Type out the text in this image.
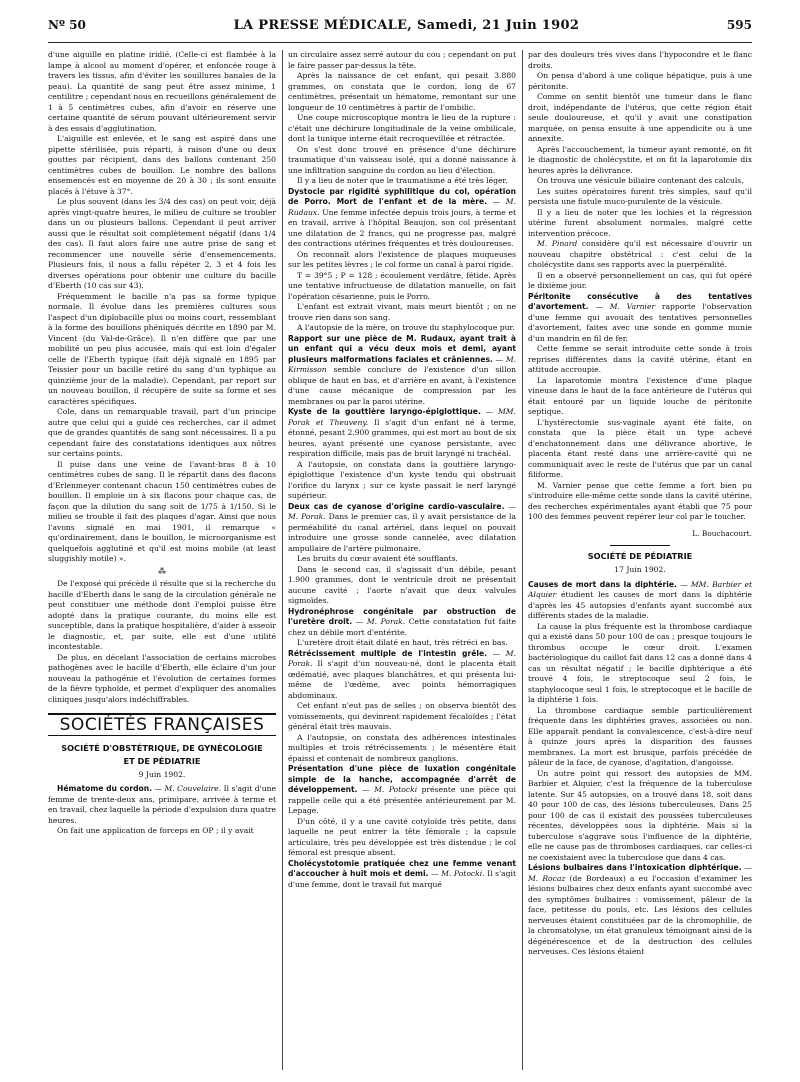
Nº 50	LA PRESSE MÉDICALE, Samedi, 21 Juin 1902	595

d'une aiguille en platine iridié. (Celle-ci est flambée à la lampe à alcool au moment d'opérer, et enfoncée rouge à travers les tissus, afin d'éviter les souillures banales de la peau). La quantité de sang peut être assez minime, 1 centilitre ; cependant nous en recueillons généralement de 1 à 5 centimètres cubes, afin d'avoir en réserve une certaine quantité de sérum pouvant ultérieurement servir à des essais d'agglutination.

L'aiguille est enlevée, et le sang est aspiré dans une pipette stérilisée, puis réparti, à raison d'une ou deux gouttes par récipient, dans des ballons contenant 250 centimètres cubes de bouillon. Le nombre des ballons ensemencés est en moyenne de 20 à 30 ; ils sont ensuite placés à l'étuve à 37°.

Le plus souvent (dans les 3/4 des cas) on peut voir, déjà après vingt-quatre heures, le milieu de culture se troubler dans un ou plusieurs ballons. Cependant il peut arriver aussi que le résultat soit complètement négatif (dans 1/4 des cas). Il faut alors faire une autre prise de sang et recommencer une nouvelle série d'ensemencements. Plusieurs fois, il nous a fallu répéter 2, 3 et 4 fois les diverses opérations pour obtenir une culture du bacille d'Eberth (10 cas sur 43).

Fréquemment le bacille n'a pas sa forme typique normale. Il évolue dans les premières cultures sous l'aspect d'un diplobacille plus ou moins court, ressemblant à la forme des bouillons phéniqués décrite en 1890 par M. Vincent (du Val-de-Grâce). Il n'en diffère que par une mobilité un peu plus accusée, mais qui est loin d'égaler celle de l'Eberth typique (fait déjà signalé en 1895 par Teissier pour un bacille retiré du sang d'un typhique au quinzième jour de la maladie). Cependant, par report sur un nouveau bouillon, il récupère de suite sa forme et ses caractères spécifiques.

Cole, dans un remarquable travail, part d'un principe autre que celui qui a guidé ces recherches, car il admet que de grandes quantités de sang sont nécessaires. Il a pu cependant faire des constatations identiques aux nôtres sur certains points.

Il puise dans une veine de l'avant-bras 8 à 10 centimètres cubes de sang. Il le répartit dans des flacons d'Erlenmeyer contenant chacun 150 centimètres cubes de bouillon. Il emploie un à six flacons pour chaque cas, de façon que la dilution du sang soit de 1/75 à 1/150. Si le milieu se trouble il fait des plaques d'agar. Ainsi que nous l'avons signalé en mai 1901, il remarque « qu'ordinairement, dans le bouillon, le microorganisme est quelquefois agglutiné et qu'il est moins mobile (at least sluggishly motile) ».

⁂

De l'exposé qui précède il résulte que si la recherche du bacille d'Eberth dans le sang de la circulation générale ne peut constituer une méthode dont l'emploi puisse être adopté dans la pratique courante, du moins elle est susceptible, dans la pratique hospitalière, d'aider à asseoir le diagnostic, et, par suite, elle est d'une utilité incontestable.

De plus, en décelant l'association de certains microbes pathogènes avec le bacille d'Eberth, elle éclaire d'un jour nouveau la pathogénie et l'évolution de certaines formes de la fièvre typhoïde, et permet d'expliquer des anomalies cliniques jusqu'alors indéchiffrables.

SOCIÉTÉS FRANÇAISES
SOCIÉTÉ D'OBSTÉTRIQUE, DE GYNÉCOLOGIE
ET DE PÉDIATRIE
9 Juin 1902.

Hématome du cordon. — M. Couvelaire. Il s'agit d'une femme de trente-deux ans, primipare, arrivée à terme et en travail, chez laquelle la période d'expulsion dura quatre heures.

On fait une application de forceps en OP ; il y avait

un circulaire assez serré autour du cou ; cependant on put le faire passer par-dessus la tête.

Après la naissance de cet enfant, qui pesait 3.880 grammes, on constata que le cordon, long de 67 centimètres, présentait un hématome, remontant sur une longueur de 10 centimètres à partir de l'ombilic.

Une coupe microscopique montra le lieu de la rupture : c'était une déchirure longitudinale de la veine ombilicale, dont la tunique interne était recroquevillée et rétractée.

On s'est donc trouvé en présence d'une déchirure traumatique d'un vaisseau isolé, qui a donné naissance à une infiltration sanguine du cordon au lieu d'élection.

Il y a lieu de noter que le traumatisme a été très léger.

Dystocie par rigidité syphilitique du col, opération de Porro. Mort de l'enfant et de la mère. — M. Rudaux. Une femme infectée depuis trois jours, à terme et en travail, arrive à l'hôpital Beaujon, son col présentant une dilatation de 2 francs, qui ne progresse pas, malgré des contractions utérines fréquentes et très douloureuses.

On reconnaît alors l'existence de plaques muqueuses sur les petites lèvres ; le col forme un canal à paroi rigide.

T = 39°5 ; P = 128 ; écoulement verdâtre, fétide. Après une tentative infructueuse de dilatation manuelle, on fait l'opération césarienne, puis le Porro.

L'enfant est extrait vivant, mais meurt bientôt ; on ne trouve rien dans son sang.

A l'autopsie de la mère, on trouve du staphylocoque pur.

Rapport sur une pièce de M. Rudaux, ayant trait à un enfant qui a vécu deux mois et demi, ayant plusieurs malformations faciales et crâniennes. — M. Kirmisson semble conclure de l'existence d'un sillon oblique de haut en bas, et d'arrière en avant, à l'existence d'une cause mécanique de compression par les membranes ou par la paroi utérine.

Kyste de la gouttière laryngo-épiglottique. — MM. Porak et Theuveny. Il s'agit d'un enfant né à terme, étonné, pesant 2.900 grammes, qui est mort au bout de six heures, ayant présenté une cyanose persistante, avec respiration difficile, mais pas de bruit laryngé ni trachéal.

A l'autopsie, on constata dans la gouttière laryngo-épiglottique l'existence d'un kyste tendu qui obstruait l'orifice du larynx ; sur ce kyste passait le nerf laryngé supérieur.

Deux cas de cyanose d'origine cardio-vasculaire. — M. Porak. Dans le premier cas, il y avait persistance de la perméabilité du canal artériel, dans lequel on pouvait introduire une grosse sonde cannelée, avec dilatation ampullaire de l'artère pulmonaire.

Les bruits du cœur avaient été soufflants.

Dans le second cas, il s'agissait d'un débile, pesant 1.900 grammes, dont le ventricule droit ne présentait aucune cavité ; l'aorte n'avait que deux valvules sigmoïdes.

Hydronéphrose congénitale par obstruction de l'uretère droit. — M. Porak. Cette constatation fut faite chez un débile mort d'entérite.

L'uretère droit était dilaté en haut, très rétréci en bas.

Rétrécissement multiple de l'intestin grêle. — M. Porak. Il s'agit d'un nouveau-né, dont le placenta était œdématié, avec plaques blanchâtres, et qui présenta lui-même de l'œdème, avec points hémorragiques abdominaux.

Cet enfant n'eut pas de selles ; on observa bientôt des vomissements, qui devinrent rapidement fécaloïdes ; l'état général était très mauvais.

A l'autopsie, on constata des adhérences intestinales multiples et trois rétrécissements ; le mésentère était épaissi et contenait de nombreux ganglions.

Présentation d'une pièce de luxation congénitale simple de la hanche, accompagnée d'arrêt de développement. — M. Potocki présente une pièce qui rappelle celle qui a été présentée antérieurement par M. Lepage.

D'un côté, il y a une cavité cotyloïde très petite, dans laquelle ne peut entrer la tête fémorale ; la capsule articulaire, très peu développée est très distendue ; le col fémoral est presque absent.

Cholécystotomie pratiquée chez une femme venant d'accoucher à huit mois et demi. — M. Potocki. Il s'agit d'une femme, dont le travail fut marqué

par des douleurs très vives dans l'hypocondre et le flanc droits.

On pensa d'abord à une colique hépatique, puis à une péritonite.

Comme on sentit bientôt une tumeur dans le flanc droit, indépendante de l'utérus, que cette région était seule douloureuse, et qu'il y avait une constipation marquée, on pensa ensuite à une appendicite ou à une annexite.

Après l'accouchement, la tumeur ayant remonté, on fit le diagnostic de cholécystite, et on fit la laparotomie dix heures après la délivrance.

On trouva une vésicule biliaire contenant des calculs.

Les suites opératoires furent très simples, sauf qu'il persista une fistule muco-purulente de la vésicule.

Il y a lieu de noter que les lochies et la régression utérine furent absolument normales, malgré cette intervention précoce.

M. Pinard considère qu'il est nécessaire d'ouvrir un nouveau chapitre obstétrical : c'est celui de la cholécystite dans ses rapports avec la puerpéralité.

Il en a observé personnellement un cas, qui fut opéré le dixième jour.

Péritonite consécutive à des tentatives d'avortement. — M. Varnier rapporte l'observation d'une femme qui avouait des tentatives personnelles d'avortement, faites avec une sonde en gomme munie d'un mandrin en fil de fer.

Cette femme se serait introduite cette sonde à trois reprises différentes dans la cavité utérine, étant en attitude accroupie.

La laparotomie montra l'existence d'une plaque vineuse dans le haut de la face antérieure de l'utérus qui était entouré par un liquide louche de péritonite septique.

L'hystérectomie sus-vaginale ayant été faite, on constata que la pièce était un type achevé d'enchatonnement dans une délivrance abortive, le placenta étant resté dans une arrière-cavité qui ne communiquait avec le reste de l'utérus que par un canal filiforme.

M. Varnier pense que cette femme a fort bien pu s'introduire elle-même cette sonde dans la cavité utérine, des recherches expérimentales ayant établi que 75 pour 100 des femmes peuvent repérer leur col par le toucher.

L. Bouchacourt.
SOCIÉTÉ DE PÉDIATRIE
17 Juin 1902.

Causes de mort dans la diphtérie. — MM. Barbier et Alquier étudient les causes de mort dans la diphtérie d'après les 45 autopsies d'enfants ayant succombé aux différents stades de la maladie.

La cause la plus fréquente est la thrombose cardiaque qui a existé dans 50 pour 100 de cas ; presque toujours le thrombus occupe le cœur droit. L'examen bactériologique du caillot fait dans 12 cas a donné dans 4 cas un résultat négatif ; le bacille diphtérique a été trouvé 4 fois, le streptocoque seul 2 fois, le staphylocoque seul 1 fois, le streptocoque et le bacille de la diphtérie 1 fois.

La thrombose cardiaque semble particulièrement fréquente dans les diphtéries graves, associées ou non. Elle apparaît pendant la convalescence, c'est-à-dire neuf à quinze jours après la disparition des fausses membranes. La mort est brusque, parfois précédée de pâleur de la face, de cyanose, d'agitation, d'angoisse.

Un autre point qui ressort des autopsies de MM. Barbier et Alquier, c'est la fréquence de la tuberculose latente. Sur 45 autopsies, on a trouvé dans 18, soit dans 40 pour 100 de cas, des lésions tuberculeuses. Dans 25 pour 100 de cas il existait des poussées tuberculeuses récentes, développées sous la diphtérie. Mais si la tuberculose s'aggrave sous l'influence de la diphtérie, elle ne cause pas de thromboses cardiaques, car celles-ci ne coexistaient avec la tuberculose que dans 4 cas.

Lésions bulbaires dans l'intoxication diphtérique. — M. Rocaz (de Bordeaux) a eu l'occasion d'examiner les lésions bulbaires chez deux enfants ayant succombé avec des symptômes bulbaires : vomissement, pâleur de la face, petitesse du pouls, etc. Les lésions des cellules nerveuses étaient constituées par de la chromophilie, de la chromatolyse, un état granuleux témoignant ainsi de la dégénérescence et de la destruction des cellules nerveuses. Ces lésions étaient
